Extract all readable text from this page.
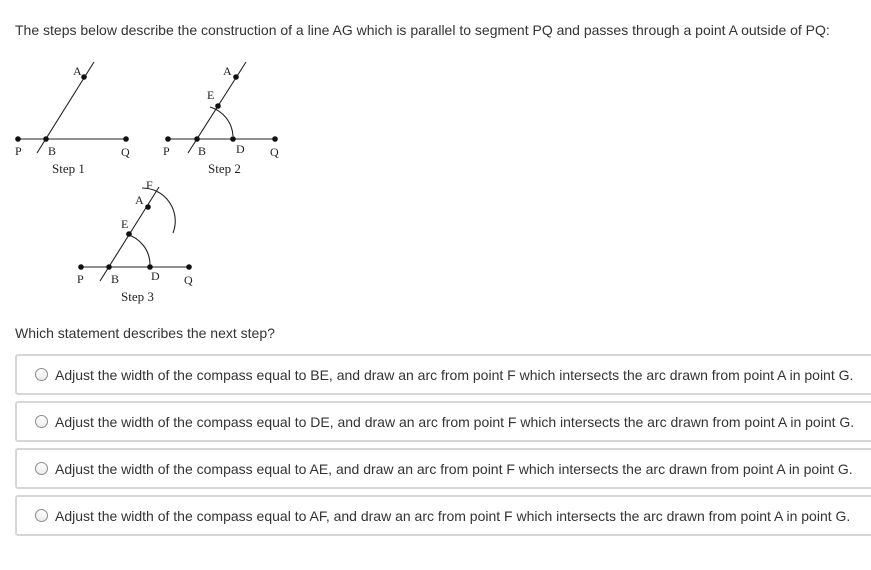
The steps below describe the construction of a line AG which is parallel to segment PQ and passes through a point A outside of PQ:
A
P B	Q
Step 1
A
E
P B D Q
Step 2
F
A
E
P B	D Q
Step 3
Which statement describes the next step?
Adjust the width of the compass equal to BE, and draw an arc from point F which intersects the arc drawn from point A in point G.
Adjust the width of the compass equal to DE, and draw an arc from point F which intersects the arc drawn from point A in point G.
Adjust the width of the compass equal to AE, and draw an arc from point F which intersects the arc drawn from point A in point G.
Adjust the width of the compass equal to AF, and draw an arc from point F which intersects the arc drawn from point A in point G.
